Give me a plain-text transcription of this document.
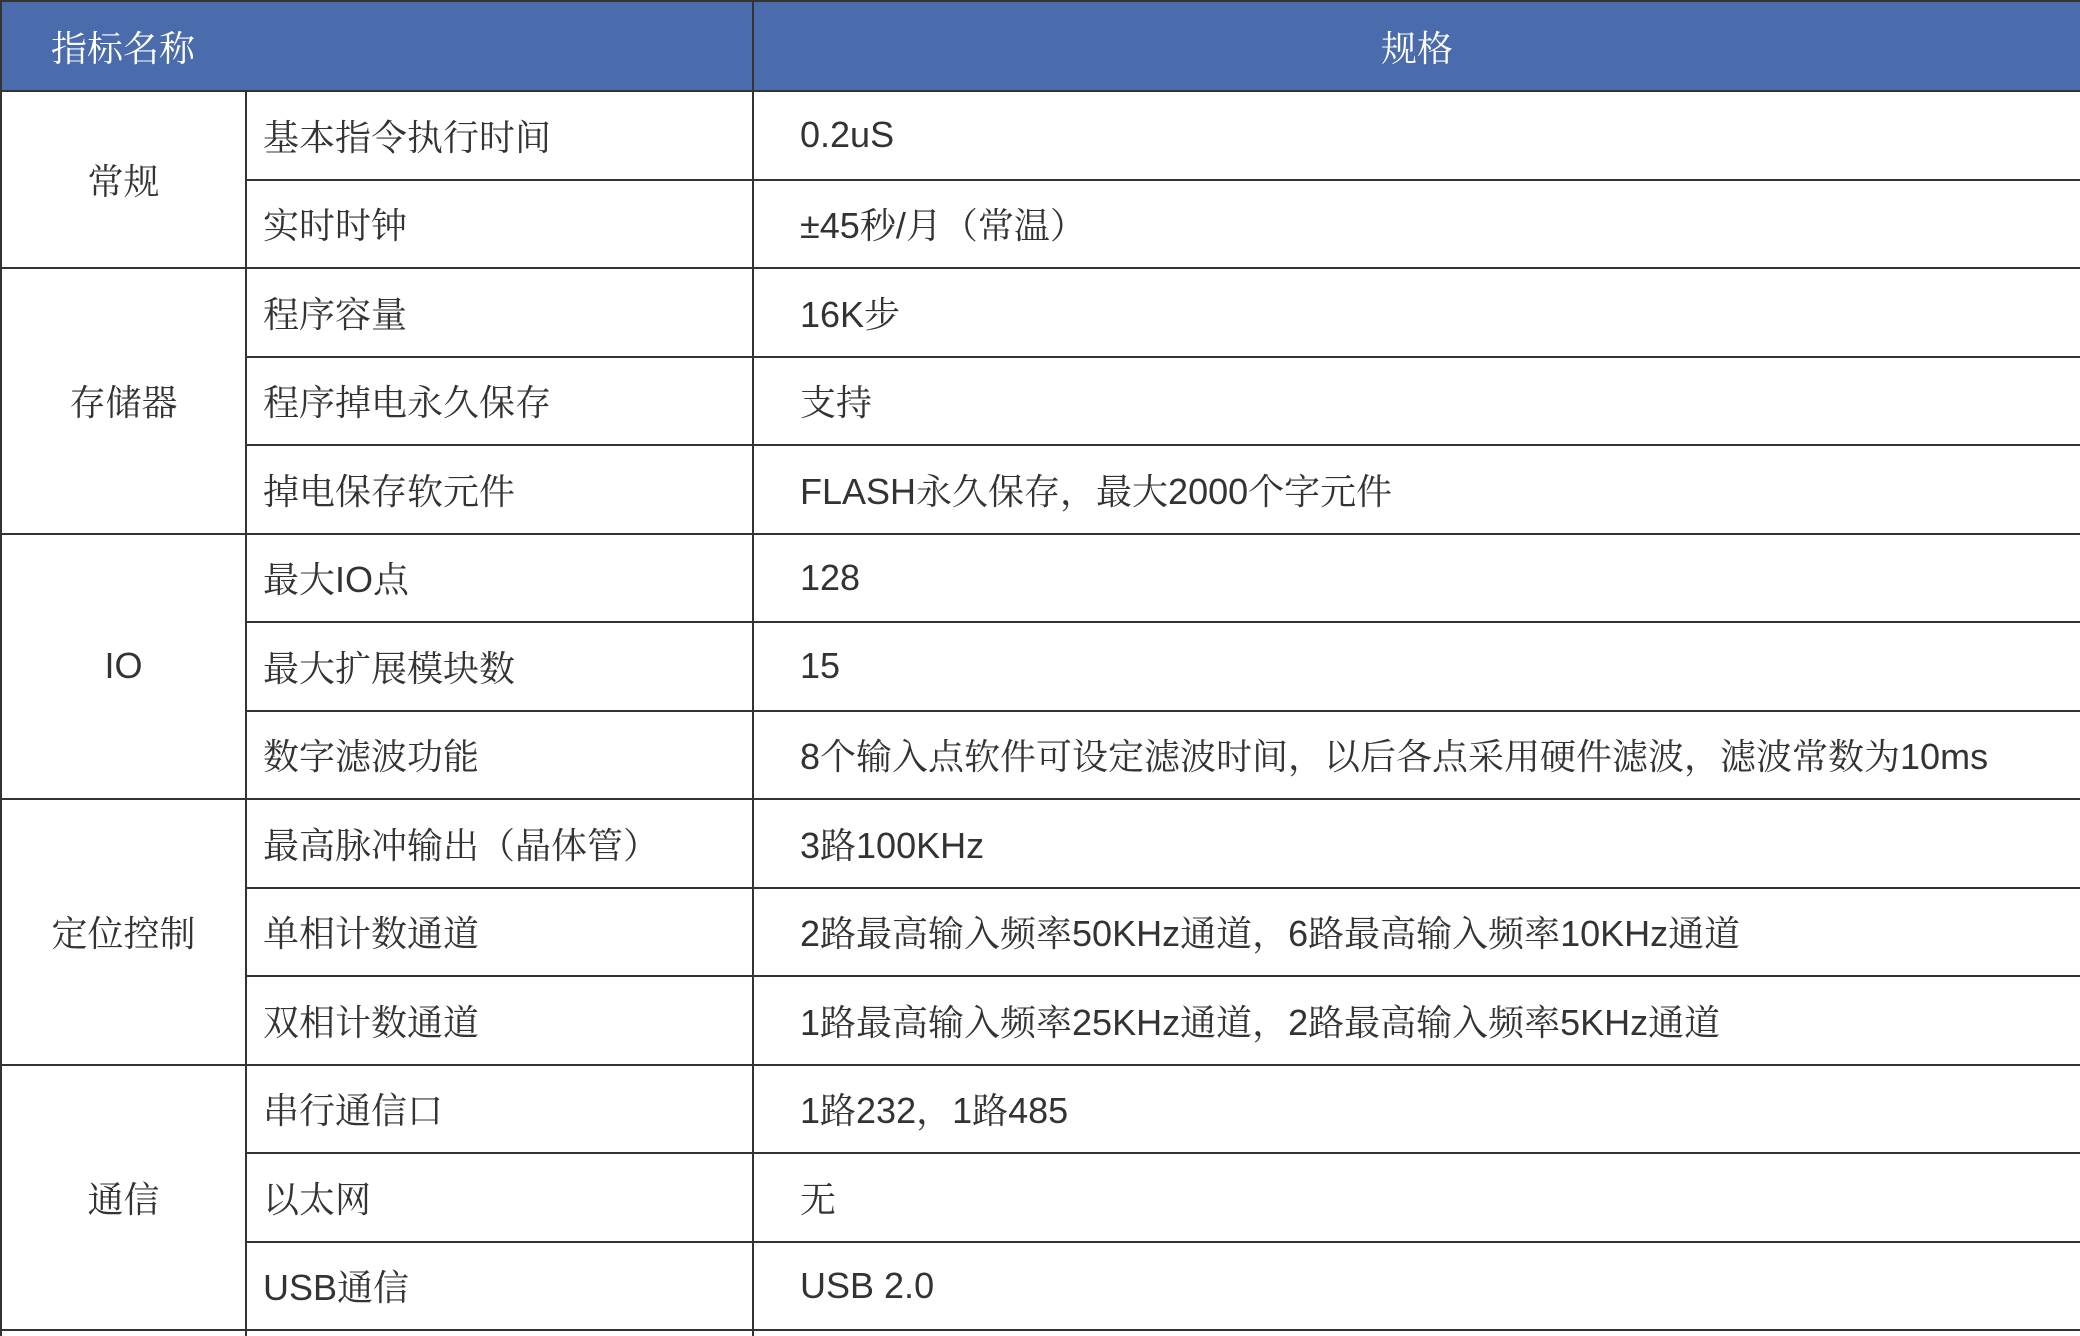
指标名称		规格
常规	基本指令执行时间	0.2uS
	实时时钟	±45秒/月（常温）
存储器	程序容量	16K步
	程序掉电永久保存	支持
	掉电保存软元件	FLASH永久保存，最大2000个字元件
IO	最大IO点	128
	最大扩展模块数	15
	数字滤波功能	8个输入点软件可设定滤波时间，以后各点采用硬件滤波，滤波常数为10ms
定位控制	最高脉冲输出（晶体管）	3路100KHz
	单相计数通道	2路最高输入频率50KHz通道，6路最高输入频率10KHz通道
	双相计数通道	1路最高输入频率25KHz通道，2路最高输入频率5KHz通道
通信	串行通信口	1路232，1路485
	以太网	无
	USB通信	USB 2.0
